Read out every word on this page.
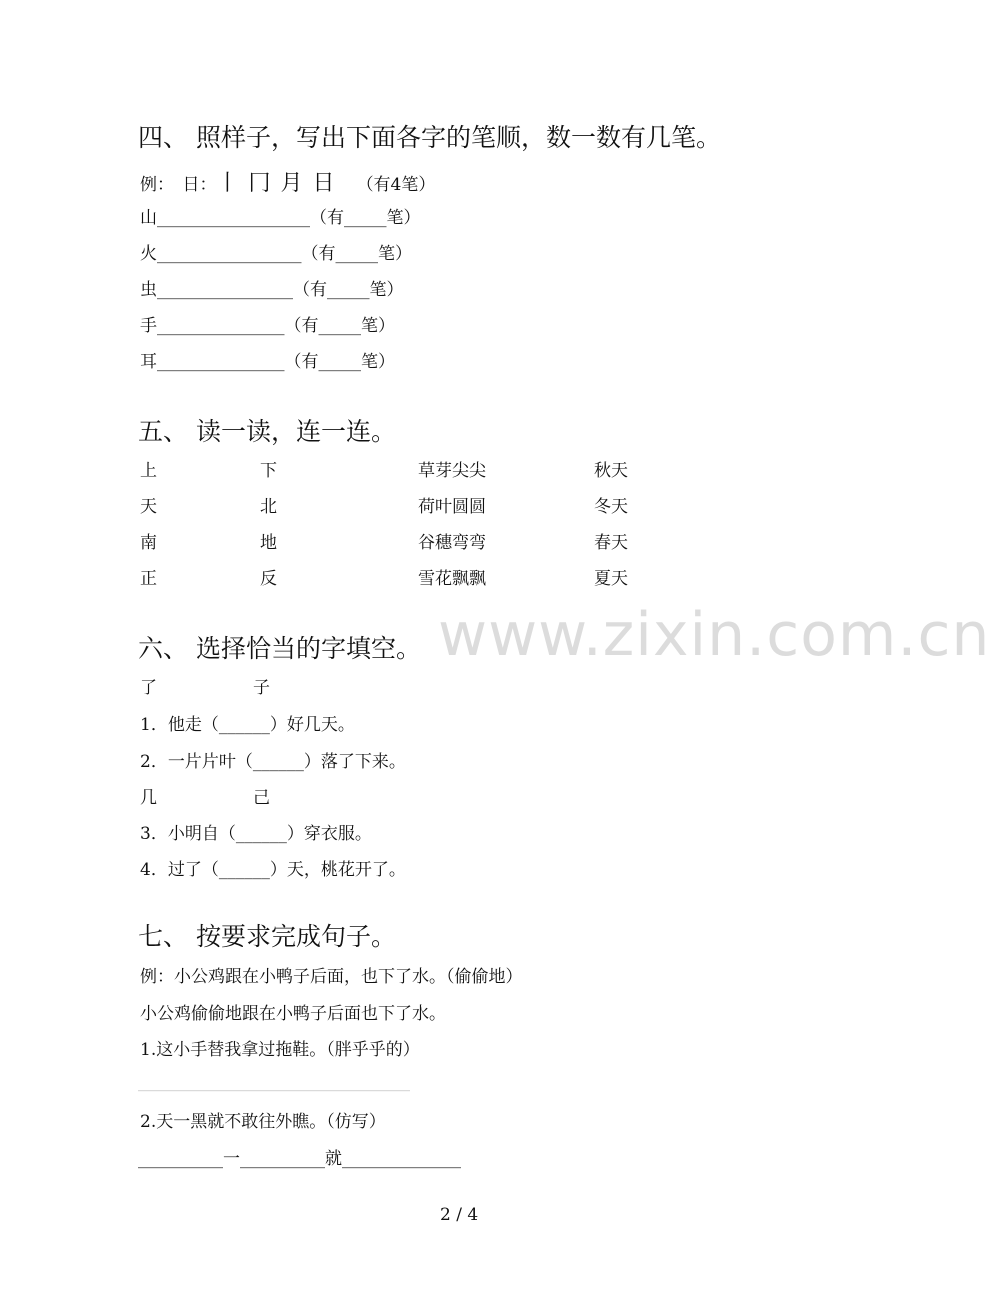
www.zixin.com.cn
四、 照样子，写出下面各字的笔顺，数一数有几笔。
例：　日：丨 冂 月 日 （有4笔）
山__________________（有_____笔）
火_________________（有_____笔）
虫________________（有_____笔）
手_______________（有_____笔）
耳_______________（有_____笔）
五、 读一读，连一连。
上	下	草芽尖尖	秋天
天	北	荷叶圆圆	冬天
南	地	谷穗弯弯	春天
正	反	雪花飘飘	夏天
六、 选择恰当的字填空。
了	子
1．他走（______）好几天。
2．一片片叶（______）落了下来。
几	己
3．小明自（______）穿衣服。
4．过了（______）天，桃花开了。
七、 按要求完成句子。
例：小公鸡跟在小鸭子后面，也下了水。（偷偷地）
小公鸡偷偷地跟在小鸭子后面也下了水。
1.这小手替我拿过拖鞋。（胖乎乎的）
________________________________
2.天一黑就不敢往外瞧。（仿写）
__________一__________就______________
2 / 4
